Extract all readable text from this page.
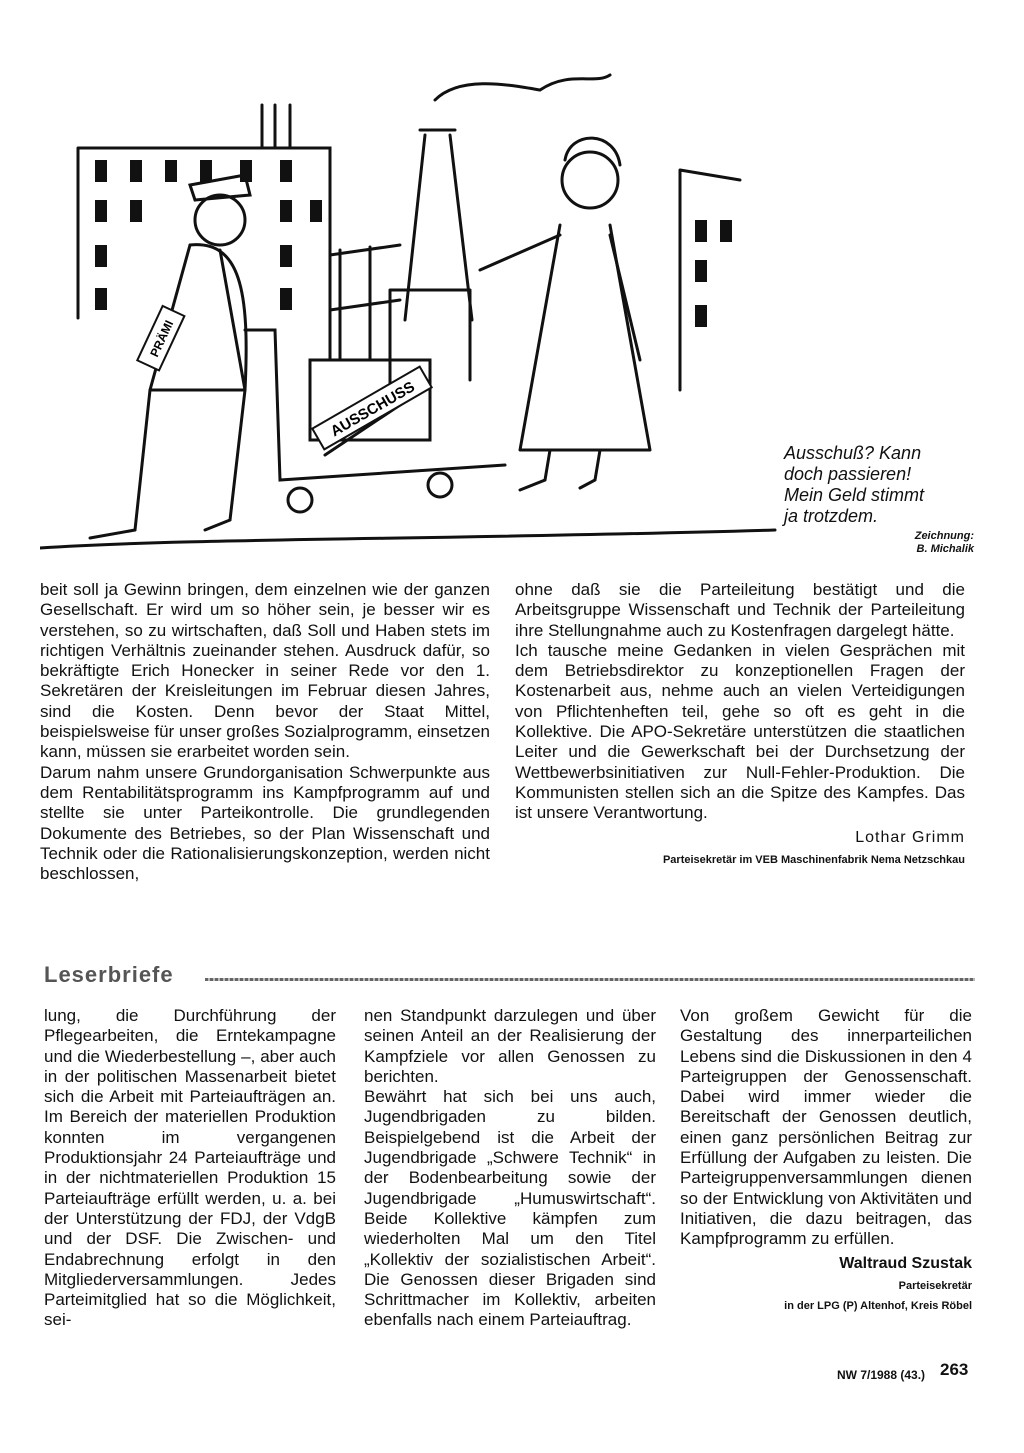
AUSSCHUSS
PRÄMI

Ausschuß? Kann

doch passieren!

Mein Geld stimmt

ja trotzdem.

Zeichnung:
B. Michalik

beit soll ja Gewinn bringen, dem einzelnen wie der ganzen Gesellschaft. Er wird um so höher sein, je besser wir es verstehen, so zu wirtschaften, daß Soll und Haben stets im richtigen Verhältnis zueinander stehen. Ausdruck dafür, so bekräftigte Erich Honecker in seiner Rede vor den 1. Sekretären der Kreisleitungen im Februar diesen Jahres, sind die Kosten. Denn bevor der Staat Mittel, beispielsweise für unser großes Sozialprogramm, einsetzen kann, müssen sie erarbeitet worden sein.

Darum nahm unsere Grundorganisation Schwerpunkte aus dem Rentabilitätsprogramm ins Kampfprogramm auf und stellte sie unter Parteikontrolle. Die grundlegenden Dokumente des Betriebes, so der Plan Wissenschaft und Technik oder die Rationalisierungskonzeption, werden nicht beschlossen,

ohne daß sie die Parteileitung bestätigt und die Arbeitsgruppe Wissenschaft und Technik der Parteileitung ihre Stellungnahme auch zu Kostenfragen dargelegt hätte.

Ich tausche meine Gedanken in vielen Gesprächen mit dem Betriebsdirektor zu konzeptionellen Fragen der Kostenarbeit aus, nehme auch an vielen Verteidigungen von Pflichtenheften teil, gehe so oft es geht in die Kollektive. Die APO-Sekretäre unterstützen die staatlichen Leiter und die Gewerkschaft bei der Durchsetzung der Wettbewerbsinitiativen zur Null-Fehler-Produktion. Die Kommunisten stellen sich an die Spitze des Kampfes. Das ist unsere Verantwortung.

Lothar Grimm
Parteisekretär im VEB Maschinenfabrik Nema Netzschkau
Leserbriefe

lung, die Durchführung der Pflegearbeiten, die Erntekampagne und die Wiederbestellung –, aber auch in der politischen Massenarbeit bietet sich die Arbeit mit Parteiaufträgen an. Im Bereich der materiellen Produktion konnten im vergangenen Produktionsjahr 24 Parteiaufträge und in der nichtmateriellen Produktion 15 Parteiaufträge erfüllt werden, u. a. bei der Unterstützung der FDJ, der VdgB und der DSF. Die Zwischen- und Endabrechnung erfolgt in den Mitgliederversammlungen. Jedes Parteimitglied hat so die Möglichkeit, sei-

nen Standpunkt darzulegen und über seinen Anteil an der Realisierung der Kampfziele vor allen Genossen zu berichten.

Bewährt hat sich bei uns auch, Jugendbrigaden zu bilden. Beispielgebend ist die Arbeit der Jugendbrigade „Schwere Technik“ in der Bodenbearbeitung sowie der Jugendbrigade „Humuswirtschaft“. Beide Kollektive kämpfen zum wiederholten Mal um den Titel „Kollektiv der sozialistischen Arbeit“. Die Genossen dieser Brigaden sind Schrittmacher im Kollektiv, arbeiten ebenfalls nach einem Parteiauftrag.

Von großem Gewicht für die Gestaltung des innerparteilichen Lebens sind die Diskussionen in den 4 Parteigruppen der Genossenschaft. Dabei wird immer wieder die Bereitschaft der Genossen deutlich, einen ganz persönlichen Beitrag zur Erfüllung der Aufgaben zu leisten. Die Parteigruppenversammlungen dienen so der Entwicklung von Aktivitäten und Initiativen, die dazu beitragen, das Kampfprogramm zu erfüllen.

Waltraud Szustak
Parteisekretär
in der LPG (P) Altenhof, Kreis Röbel
NW 7/1988 (43.) 263
